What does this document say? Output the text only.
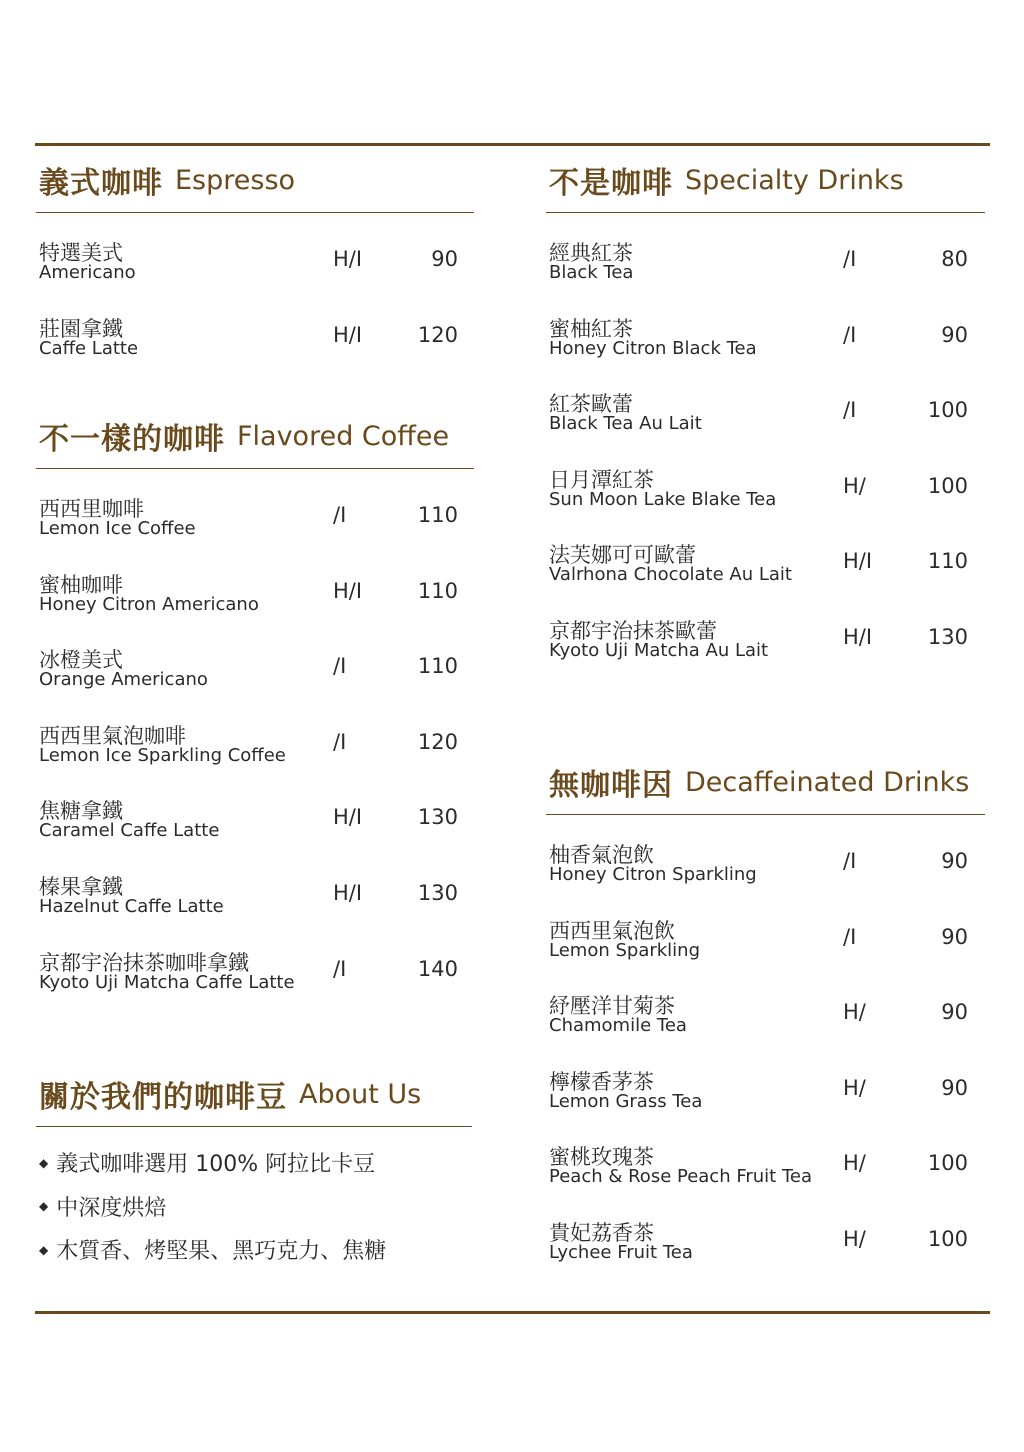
義式咖啡 Espresso
特選美式
Americano
H/I	90
莊園拿鐵
Caffe Latte
H/I	120
不一樣的咖啡 Flavored Coffee
西西里咖啡
Lemon Ice Coffee
/I	110
蜜柚咖啡
Honey Citron Americano
H/I	110
冰橙美式
Orange Americano
/I	110
西西里氣泡咖啡
Lemon Ice Sparkling Coffee
/I	120
焦糖拿鐵
Caramel Caffe Latte
H/I	130
榛果拿鐵
Hazelnut Caffe Latte
H/I	130
京都宇治抹茶咖啡拿鐵
Kyoto Uji Matcha Caffe Latte
/I	140
關於我們的咖啡豆 About Us
◆ 義式咖啡選用 100% 阿拉比卡豆
◆ 中深度烘焙
◆ 木質香、烤堅果、黑巧克力、焦糖
不是咖啡 Specialty Drinks
經典紅茶
Black Tea
/I	80
蜜柚紅茶
Honey Citron Black Tea
/I	90
紅茶歐蕾
Black Tea Au Lait
/I	100
日月潭紅茶
Sun Moon Lake Blake Tea
H/	100
法芙娜可可歐蕾
Valrhona Chocolate Au Lait
H/I	110
京都宇治抹茶歐蕾
Kyoto Uji Matcha Au Lait
H/I	130
無咖啡因 Decaffeinated Drinks
柚香氣泡飲
Honey Citron Sparkling
/I	90
西西里氣泡飲
Lemon Sparkling
/I	90
紓壓洋甘菊茶
Chamomile Tea
H/	90
檸檬香茅茶
Lemon Grass Tea
H/	90
蜜桃玫瑰茶
Peach & Rose Peach Fruit Tea
H/	100
貴妃荔香茶
Lychee Fruit Tea
H/	100
